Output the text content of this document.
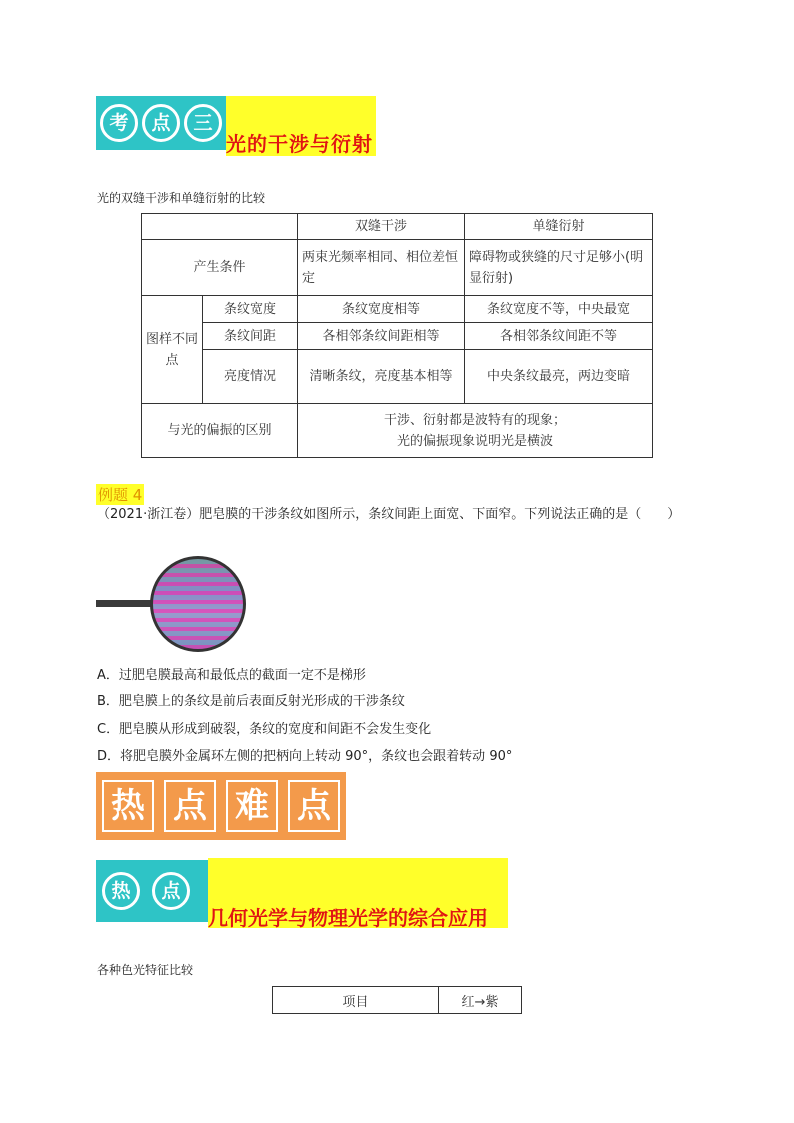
考	点	三
光的干涉与衍射
光的双缝干涉和单缝衍射的比较
		双缝干涉	单缝衍射
产生条件		两束光频率相同、相位差恒定	障碍物或狭缝的尺寸足够小(明显衍射)
图样不同点	条纹宽度	条纹宽度相等	条纹宽度不等，中央最宽
	条纹间距	各相邻条纹间距相等	各相邻条纹间距不等
	亮度情况	清晰条纹，亮度基本相等	中央条纹最亮，两边变暗
与光的偏振的区别		干涉、衍射都是波特有的现象；
光的偏振现象说明光是横波	
例题 4
（2021·浙江卷）肥皂膜的干涉条纹如图所示，条纹间距上面宽、下面窄。下列说法正确的是（　　）
A．过肥皂膜最高和最低点的截面一定不是梯形
B．肥皂膜上的条纹是前后表面反射光形成的干涉条纹
C．肥皂膜从形成到破裂，条纹的宽度和间距不会发生变化
D．将肥皂膜外金属环左侧的把柄向上转动 90°，条纹也会跟着转动 90°
热 点 难 点
热	点
几何光学与物理光学的综合应用
各种色光特征比较
项目	红→紫
